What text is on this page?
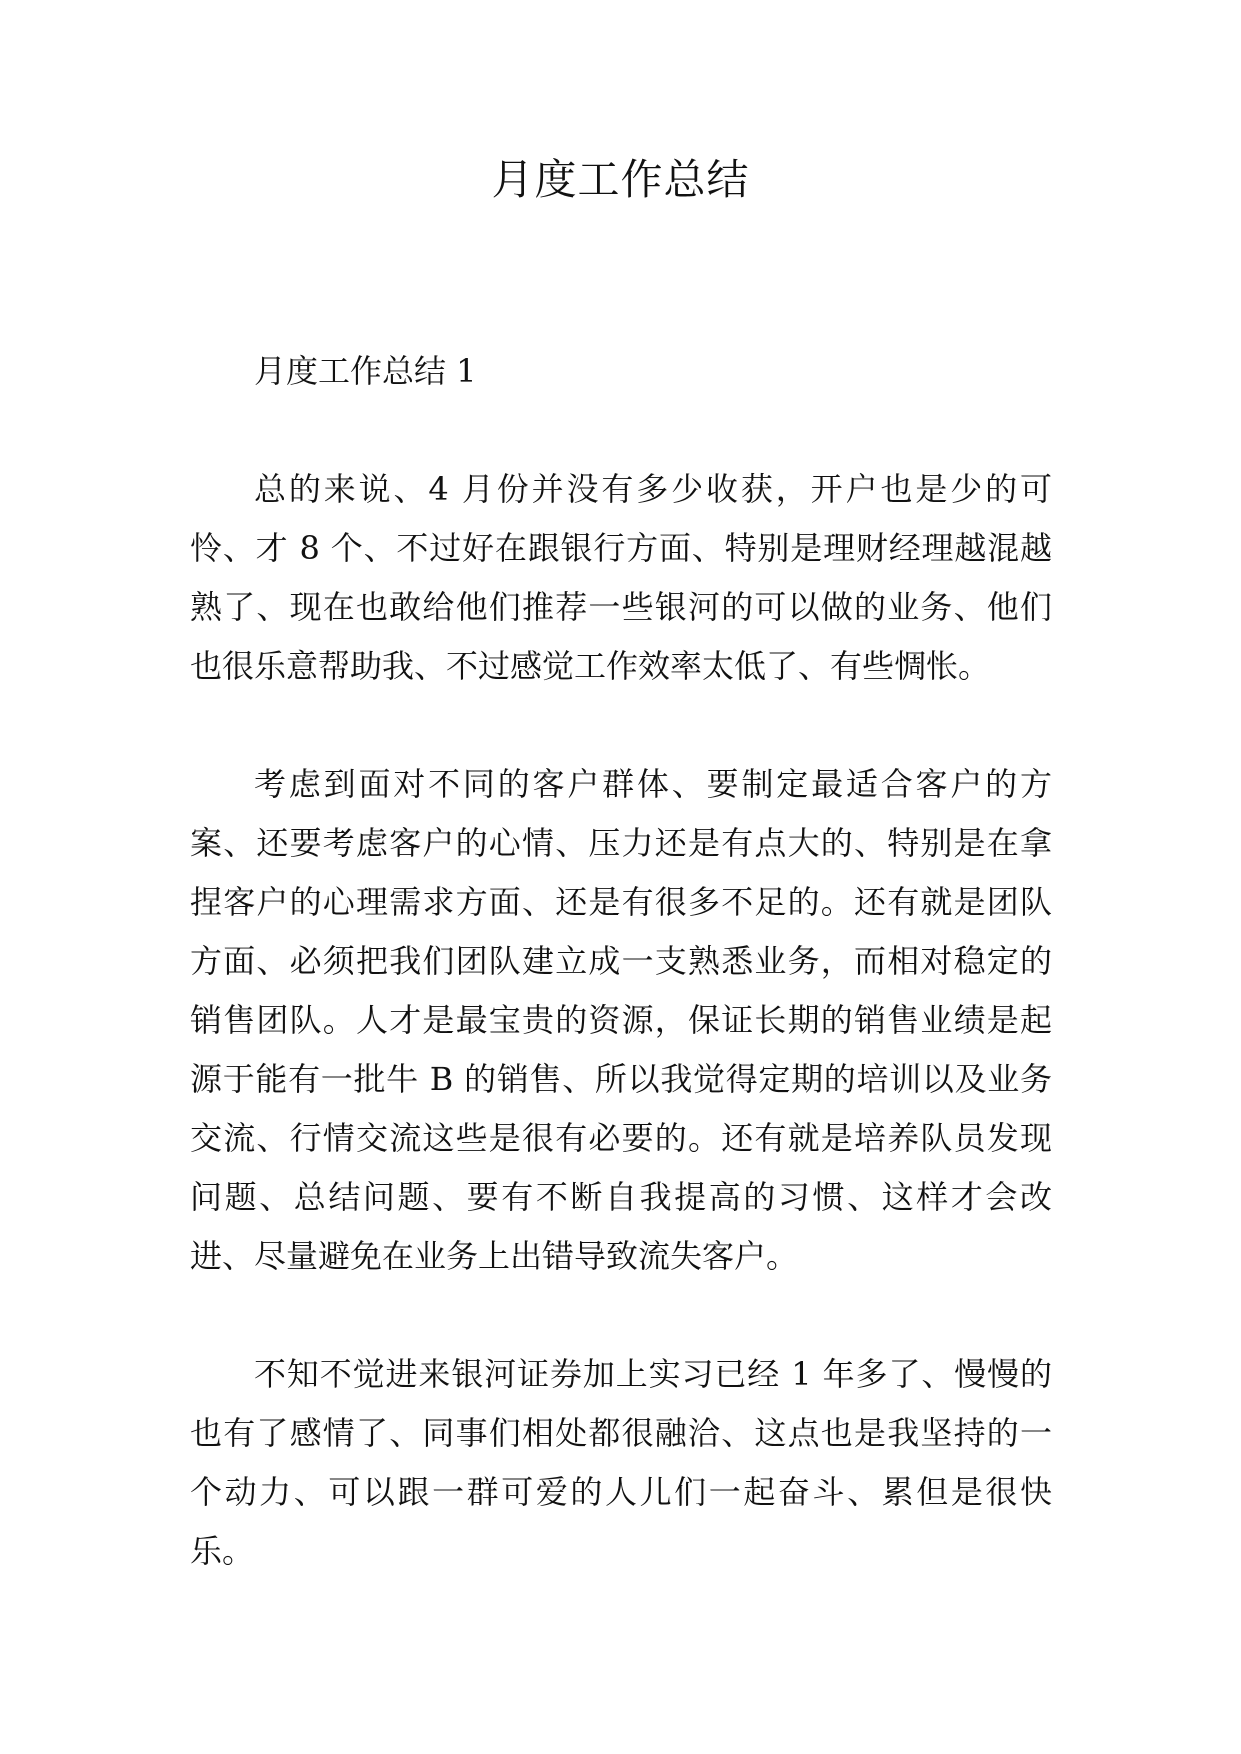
月度工作总结

月度工作总结 1

总的来说、4 月份并没有多少收获，开户也是少的可怜、才 8 个、不过好在跟银行方面、特别是理财经理越混越熟了、现在也敢给他们推荐一些银河的可以做的业务、他们也很乐意帮助我、不过感觉工作效率太低了、有些惆怅。

考虑到面对不同的客户群体、要制定最适合客户的方案、还要考虑客户的心情、压力还是有点大的、特别是在拿捏客户的心理需求方面、还是有很多不足的。还有就是团队方面、必须把我们团队建立成一支熟悉业务，而相对稳定的销售团队。人才是最宝贵的资源，保证长期的销售业绩是起源于能有一批牛 B 的销售、所以我觉得定期的培训以及业务交流、行情交流这些是很有必要的。还有就是培养队员发现问题、总结问题、要有不断自我提高的习惯、这样才会改进、尽量避免在业务上出错导致流失客户。

不知不觉进来银河证券加上实习已经 1 年多了、慢慢的也有了感情了、同事们相处都很融洽、这点也是我坚持的一个动力、可以跟一群可爱的人儿们一起奋斗、累但是很快乐。
